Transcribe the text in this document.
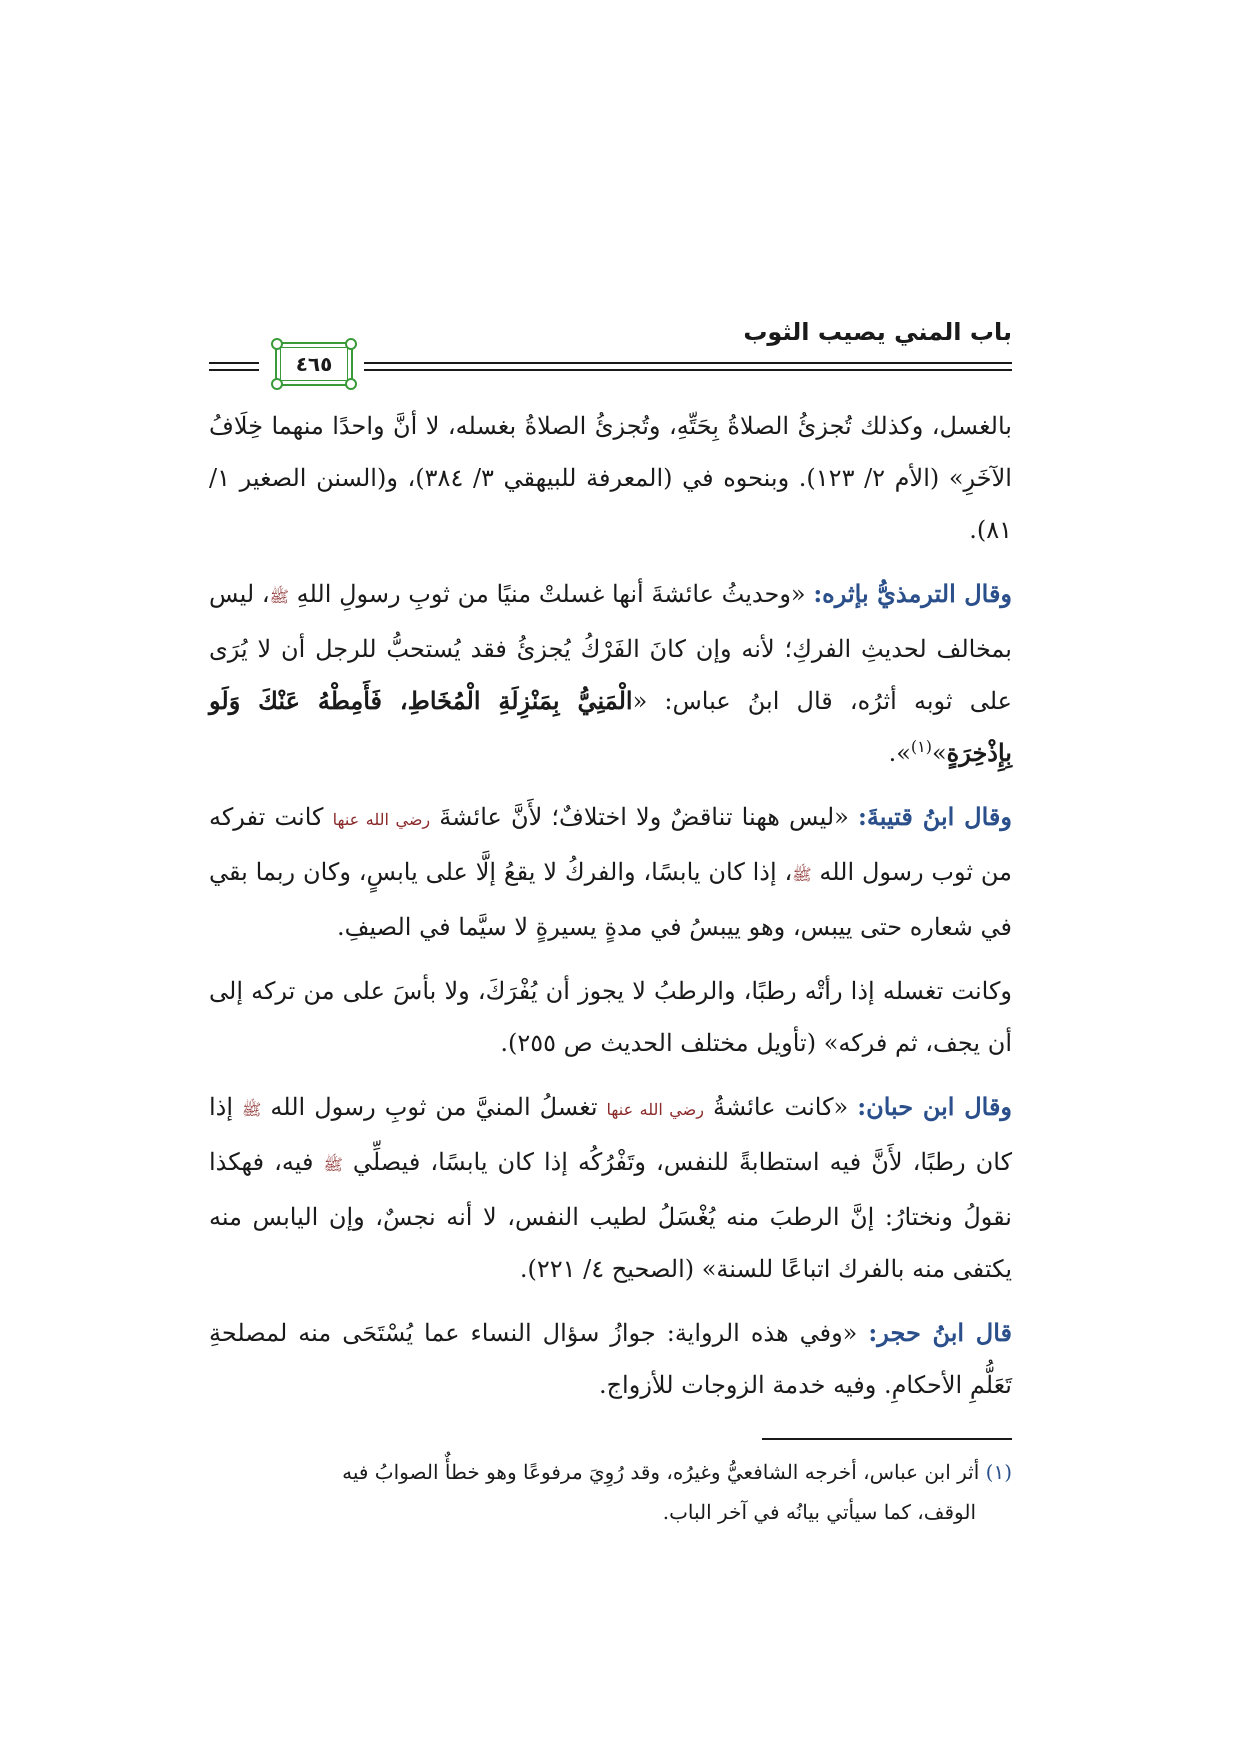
باب المني يصيب الثوب
٤٦٥

بالغسل، وكذلك تُجزئُ الصلاةُ بِحَتِّهِ، وتُجزئُ الصلاةُ بغسله، لا أنَّ واحدًا منهما خِلَافُ الآخَرِ» (الأم ٢/ ١٢٣). وبنحوه في (المعرفة للبيهقي ٣/ ٣٨٤)، و(السنن الصغير ١/ ٨١).

وقال الترمذيُّ بإثره: «وحديثُ عائشةَ أنها غسلتْ منيًا من ثوبِ رسولِ اللهِ ﷺ، ليس بمخالف لحديثِ الفركِ؛ لأنه وإن كانَ الفَرْكُ يُجزئُ فقد يُستحبُّ للرجل أن لا يُرَى على ثوبه أثرُه، قال ابنُ عباس: «الْمَنِيُّ بِمَنْزِلَةِ الْمُخَاطِ، فَأَمِطْهُ عَنْكَ وَلَو بِإِذْخِرَةٍ»$^{(١)}$».

وقال ابنُ قتيبةَ: «ليس ههنا تناقضٌ ولا اختلافٌ؛ لأَنَّ عائشةَ رضي الله عنها كانت تفركه من ثوب رسول الله ﷺ، إذا كان يابسًا، والفركُ لا يقعُ إلَّا على يابسٍ، وكان ربما بقي في شعاره حتى ييبس، وهو ييبسُ في مدةٍ يسيرةٍ لا سيَّما في الصيفِ.

وكانت تغسله إذا رأتْه رطبًا، والرطبُ لا يجوز أن يُفْرَكَ، ولا بأسَ على من تركه إلى أن يجف، ثم فركه» (تأويل مختلف الحديث ص ٢٥٥).

وقال ابن حبان: «كانت عائشةُ رضي الله عنها تغسلُ المنيَّ من ثوبِ رسول الله ﷺ إذا كان رطبًا، لأَنَّ فيه استطابةً للنفس، وتَفْرُكُه إذا كان يابسًا، فيصلِّي ﷺ فيه، فهكذا نقولُ ونختارُ: إنَّ الرطبَ منه يُغْسَلُ لطيب النفس، لا أنه نجسٌ، وإن اليابس منه يكتفى منه بالفرك اتباعًا للسنة» (الصحيح ٤/ ٢٢١).

قال ابنُ حجر: «وفي هذه الرواية: جوازُ سؤال النساء عما يُسْتَحَى منه لمصلحةِ تَعَلُّمِ الأحكامِ. وفيه خدمة الزوجات للأزواج.

(١) أثر ابن عباس، أخرجه الشافعيُّ وغيرُه، وقد رُوِيَ مرفوعًا وهو خطأٌ الصوابُ فيه
الوقف، كما سيأتي بيانُه في آخر الباب.
